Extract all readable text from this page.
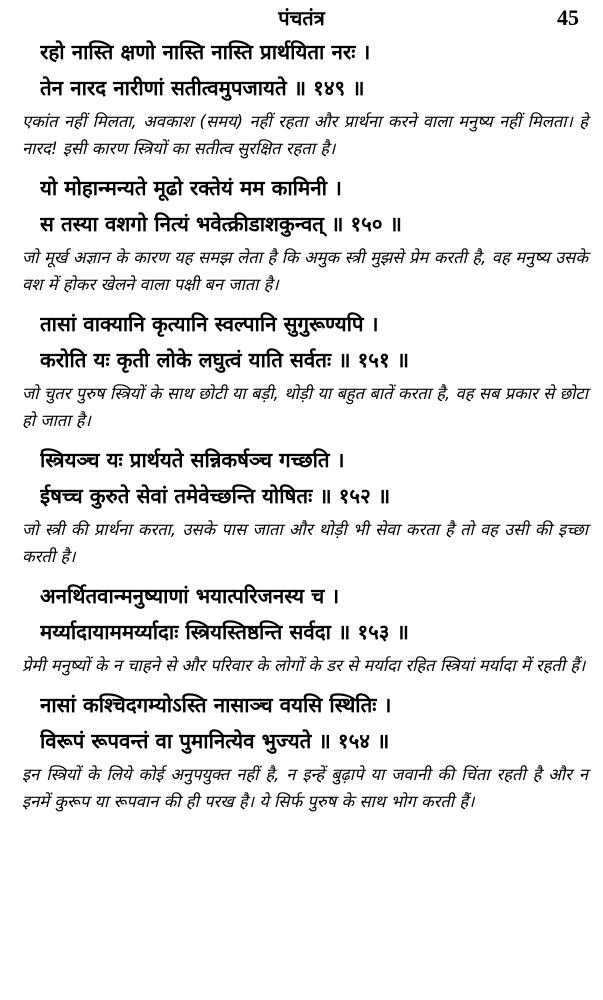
पंचतंत्र	45
रहो नास्ति क्षणो नास्ति नास्ति प्रार्थयिता नरः ।
तेन नारद नारीणां सतीत्वमुपजायते ॥ १४९ ॥

एकांत नहीं मिलता, अवकाश (समय) नहीं रहता और प्रार्थना करने वाला मनुष्य नहीं मिलता। हे नारद! इसी कारण स्त्रियों का सतीत्व सुरक्षित रहता है।

यो मोहान्मन्यते मूढो रक्तेयं मम कामिनी ।
स तस्या वशगो नित्यं भवेत्क्रीडाशकुन्वत् ॥ १५० ॥

जो मूर्ख अज्ञान के कारण यह समझ लेता है कि अमुक स्त्री मुझसे प्रेम करती है, वह मनुष्य उसके वश में होकर खेलने वाला पक्षी बन जाता है।

तासां वाक्यानि कृत्यानि स्वल्पानि सुगुरूण्यपि ।
करोति यः कृती लोके लघुत्वं याति सर्वतः ॥ १५१ ॥

जो चुतर पुरुष स्त्रियों के साथ छोटी या बड़ी, थोड़ी या बहुत बातें करता है, वह सब प्रकार से छोटा हो जाता है।

स्त्रियञ्च यः प्रार्थयते सन्निकर्षञ्च गच्छति ।
ईषच्च कुरुते सेवां तमेवेच्छन्ति योषितः ॥ १५२ ॥

जो स्त्री की प्रार्थना करता, उसके पास जाता और थोड़ी भी सेवा करता है तो वह उसी की इच्छा करती है।

अनर्थितवान्मनुष्याणां भयात्परिजनस्य च ।
मर्य्यादायाममर्य्यादाः स्त्रियस्तिष्ठन्ति सर्वदा ॥ १५३ ॥

प्रेमी मनुष्यों के न चाहने से और परिवार के लोगों के डर से मर्यादा रहित स्त्रियां मर्यादा में रहती हैं।

नासां कश्चिदगम्योऽस्ति नासाञ्च वयसि स्थितिः ।
विरूपं रूपवन्तं वा पुमानित्येव भुज्यते ॥ १५४ ॥

इन स्त्रियों के लिये कोई अनुपयुक्त नहीं है, न इन्हें बुढ़ापे या जवानी की चिंता रहती है और न इनमें कुरूप या रूपवान की ही परख है। ये सिर्फ पुरुष के साथ भोग करती हैं।
